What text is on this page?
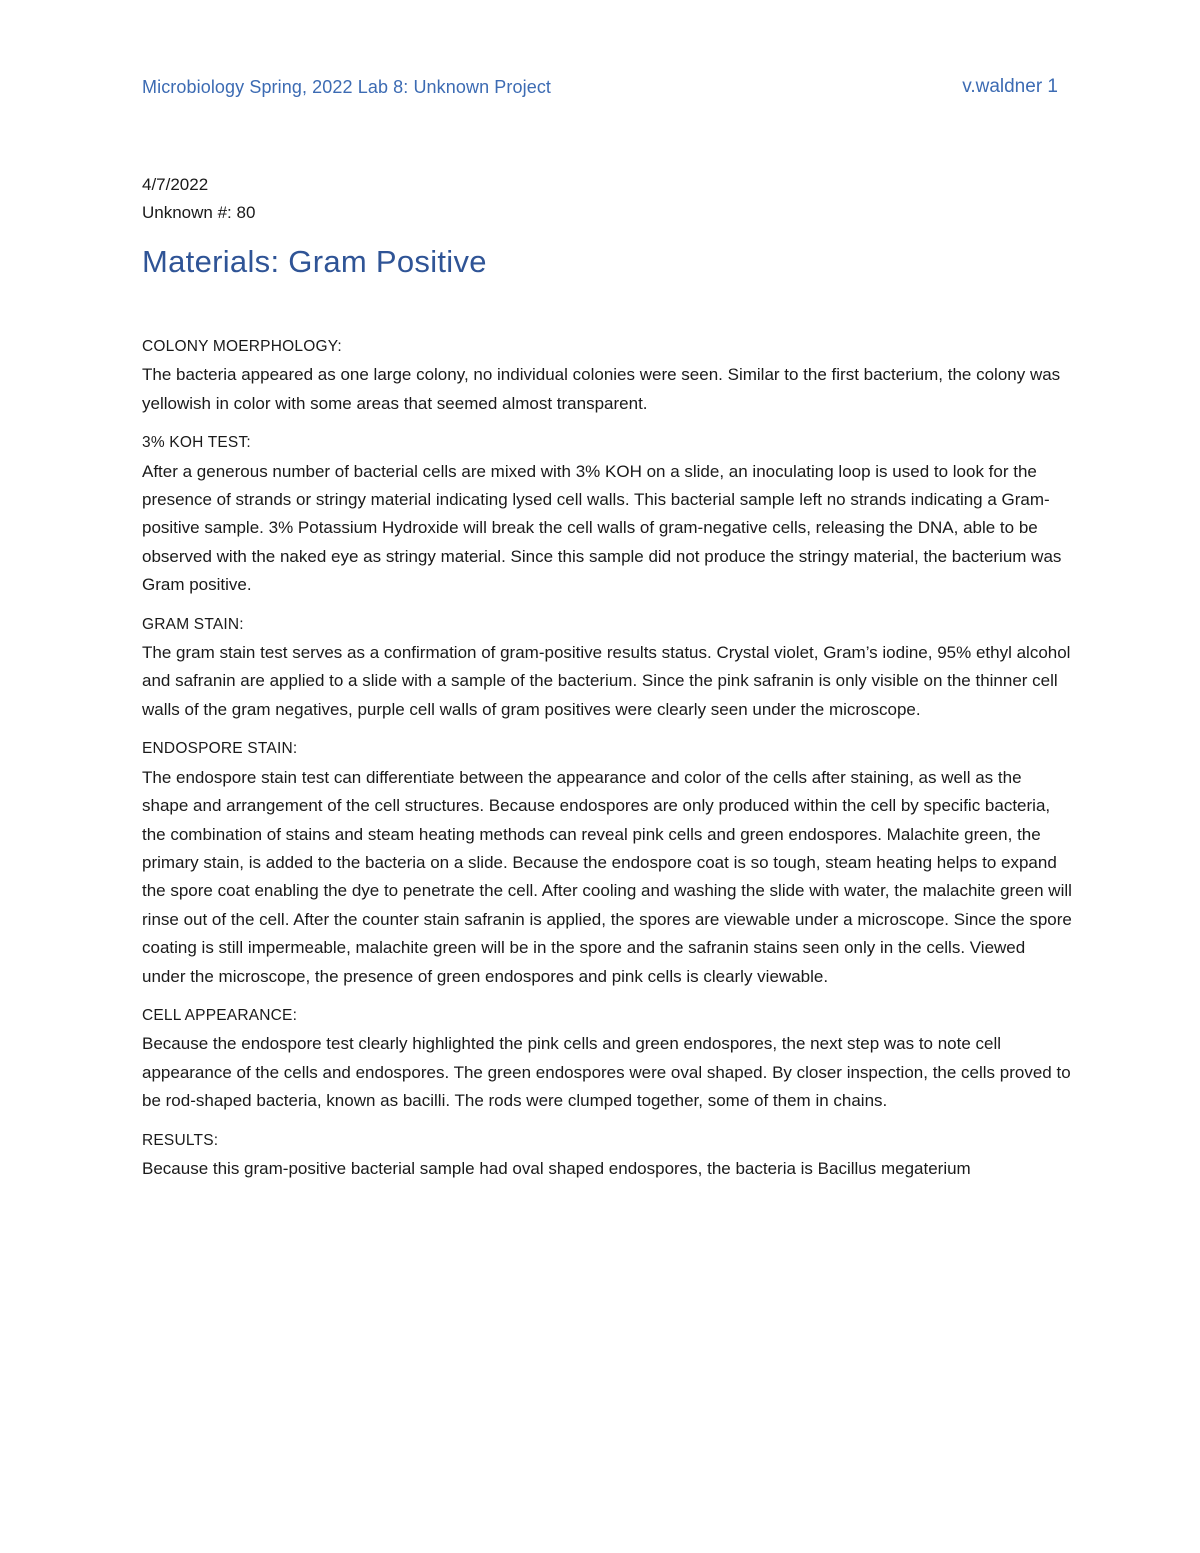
Microbiology Spring, 2022 Lab 8: Unknown Project	v.waldner 1
4/7/2022
Unknown #: 80
Materials: Gram Positive
COLONY MOERPHOLOGY:

The bacteria appeared as one large colony, no individual colonies were seen. Similar to the first bacterium, the colony was yellowish in color with some areas that seemed almost transparent.

3% KOH TEST:

After a generous number of bacterial cells are mixed with 3% KOH on a slide, an inoculating loop is used to look for the presence of strands or stringy material indicating lysed cell walls. This bacterial sample left no strands indicating a Gram-positive sample. 3% Potassium Hydroxide will break the cell walls of gram-negative cells, releasing the DNA, able to be observed with the naked eye as stringy material. Since this sample did not produce the stringy material, the bacterium was Gram positive.

GRAM STAIN:

The gram stain test serves as a confirmation of gram-positive results status. Crystal violet, Gram’s iodine, 95% ethyl alcohol and safranin are applied to a slide with a sample of the bacterium. Since the pink safranin is only visible on the thinner cell walls of the gram negatives, purple cell walls of gram positives were clearly seen under the microscope.

ENDOSPORE STAIN:

The endospore stain test can differentiate between the appearance and color of the cells after staining, as well as the shape and arrangement of the cell structures. Because endospores are only produced within the cell by specific bacteria, the combination of stains and steam heating methods can reveal pink cells and green endospores. Malachite green, the primary stain, is added to the bacteria on a slide. Because the endospore coat is so tough, steam heating helps to expand the spore coat enabling the dye to penetrate the cell. After cooling and washing the slide with water, the malachite green will rinse out of the cell. After the counter stain safranin is applied, the spores are viewable under a microscope. Since the spore coating is still impermeable, malachite green will be in the spore and the safranin stains seen only in the cells. Viewed under the microscope, the presence of green endospores and pink cells is clearly viewable.

CELL APPEARANCE:

Because the endospore test clearly highlighted the pink cells and green endospores, the next step was to note cell appearance of the cells and endospores. The green endospores were oval shaped. By closer inspection, the cells proved to be rod-shaped bacteria, known as bacilli. The rods were clumped together, some of them in chains.

RESULTS:

Because this gram-positive bacterial sample had oval shaped endospores, the bacteria is Bacillus megaterium
